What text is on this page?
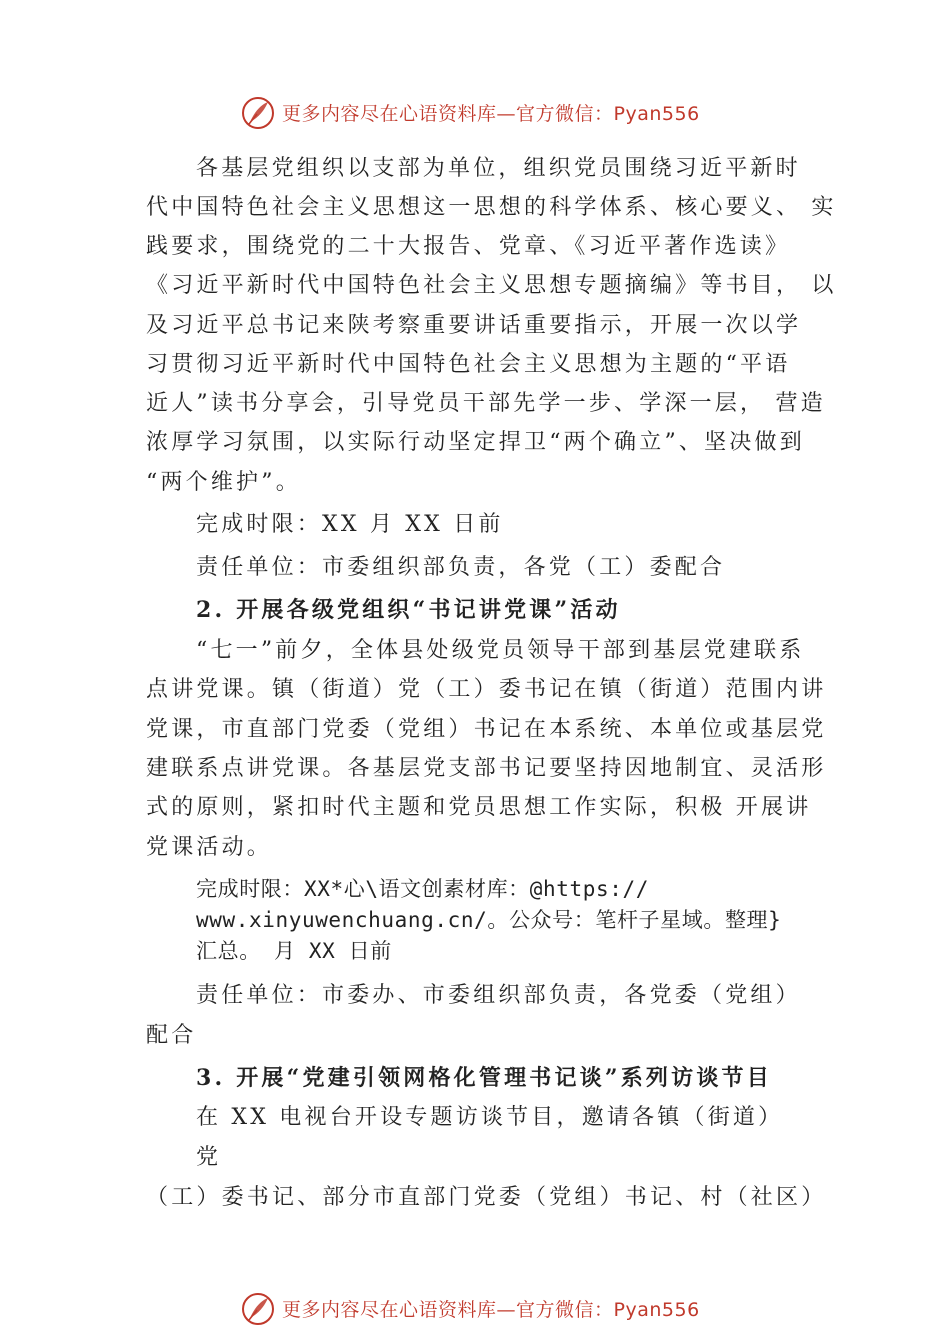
更多内容尽在心语资料库—官方微信：Pyan556
各基层党组织以支部为单位，组织党员围绕习近平新时
代中国特色社会主义思想这一思想的科学体系、核心要义、 实
践要求，围绕党的二十大报告、党章、《习近平著作选读》
《习近平新时代中国特色社会主义思想专题摘编》等书目， 以
及习近平总书记来陕考察重要讲话重要指示，开展一次以学
习贯彻习近平新时代中国特色社会主义思想为主题的“平语
近人”读书分享会，引导党员干部先学一步、学深一层， 营造
浓厚学习氛围，以实际行动坚定捍卫“两个确立”、坚决做到
“两个维护”。
完成时限：XX 月 XX 日前
责任单位：市委组织部负责，各党（工）委配合
2. 开展各级党组织“书记讲党课”活动
“七一”前夕，全体县处级党员领导干部到基层党建联系
点讲党课。镇（街道）党（工）委书记在镇（街道）范围内讲
党课，市直部门党委（党组）书记在本系统、本单位或基层党
建联系点讲党课。各基层党支部书记要坚持因地制宜、灵活形
式的原则，紧扣时代主题和党员思想工作实际，积极 开展讲
党课活动。
完成时限：XX*心\语文创素材库：@https://
www.xinyuwenchuang.cn/。公众号：笔杆子星域。整理}
汇总。 月 XX 日前
责任单位：市委办、市委组织部负责，各党委（党组）
配合
3. 开展“党建引领网格化管理书记谈”系列访谈节目
在 XX 电视台开设专题访谈节目，邀请各镇（街道）
党
（工）委书记、部分市直部门党委（党组）书记、村（社区）
更多内容尽在心语资料库—官方微信：Pyan556
